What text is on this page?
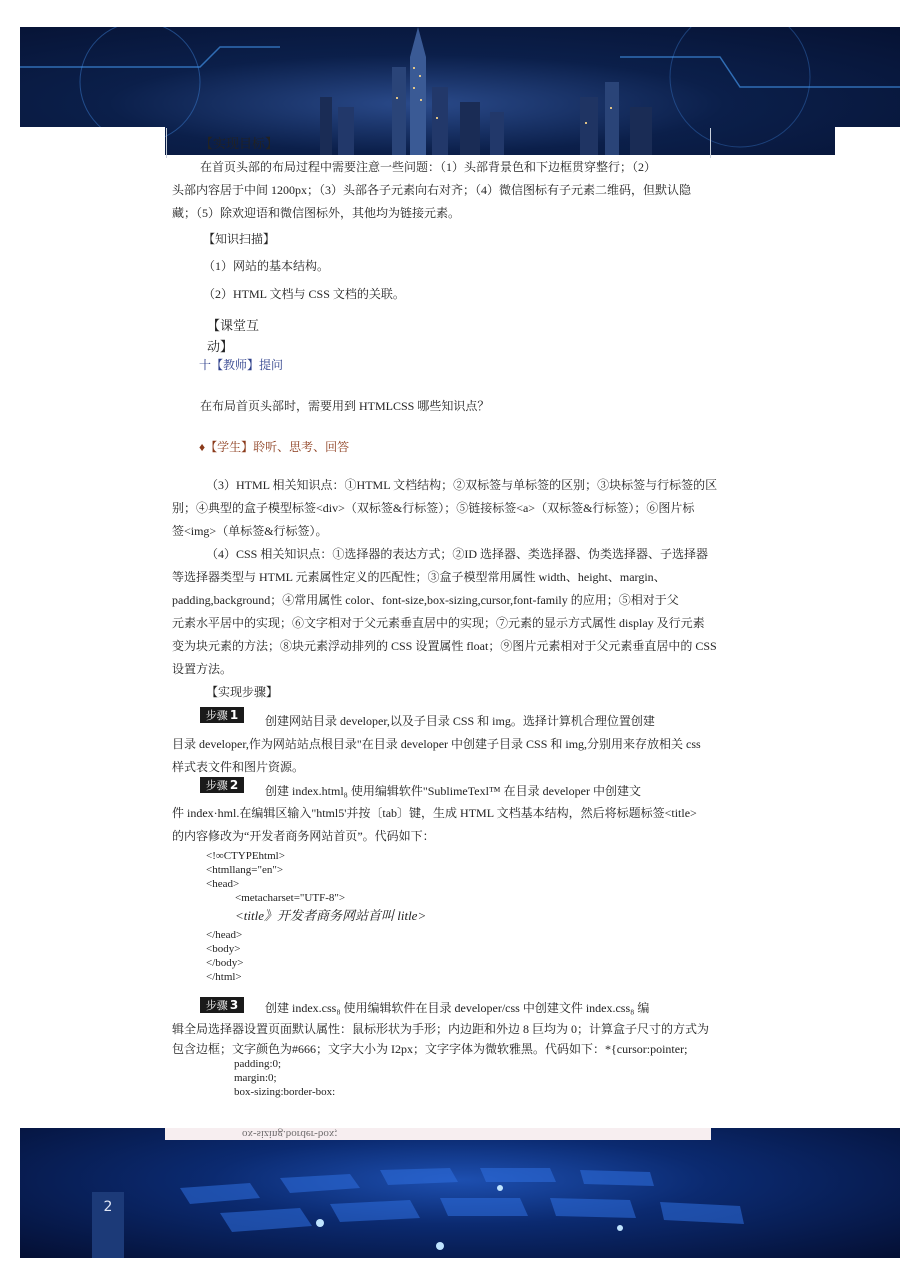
【实现目标】
在首页头部的布局过程中需要注意一些问题：（1）头部背景色和下边框贯穿整行；（2）
头部内容居于中间 1200px；（3）头部各子元素向右对齐；（4）微信图标有子元素二维码，但默认隐
藏；（5）除欢迎语和微信图标外，其他均为链接元素。
【知识扫描】
（1）网站的基本结构。
（2）HTML 文档与 CSS 文档的关联。
【课堂互
动】
十【教师】提问
在布局首页头部时，需要用到 HTMLCSS 哪些知识点？
♦【学生】聆听、思考、回答
（3）HTML 相关知识点：①HTML 文档结构；②双标签与单标签的区别；③块标签与行标签的区
别；④典型的盒子模型标签<div>（双标签&行标签）；⑤链接标签<a>（双标签&行标签）；⑥图片标
签<img>（单标签&行标签）。
（4）CSS 相关知识点：①选择器的表达方式；②ID 选择器、类选择器、伪类选择器、子选择器
等选择器类型与 HTML 元素属性定义的匹配性；③盒子模型常用属性 width、height、margin、
padding,background；④常用属性 color、font-size,box-sizing,cursor,font-family 的应用；⑤相对于父
元素水平居中的实现；⑥文字相对于父元素垂直居中的实现；⑦元素的显示方式属性 display 及行元素
变为块元素的方法；⑧块元素浮动排列的 CSS 设置属性 float；⑨图片元素相对于父元素垂直居中的 CSS
设置方法。
【实现步骤】
步骤 1	创建网站目录 developer,以及子目录 CSS 和 img。选择计算机合理位置创建
目录 developer,作为网站站点根目录"在目录 developer 中创建子目录 CSS 和 img,分别用来存放相关 css
样式表文件和图片资源。
步骤 2	创建 index.html₈ 使用编辑软件"SublimeTexl™ 在目录 developer 中创建文
件 index·hml.在编辑区输入"html5'并按〔tab〕键，生成 HTML 文档基本结构，然后将标题标签<title>
的内容修改为“开发者商务网站首页”。代码如下：
<!∞CTYPEhtml>
<htmllang="en">
<head>
<metacharset="UTF-8">
<title》开发者商务网站首叫 litle>
</head>
<body>
</body>
</html>
步骤 3	创建 index.css₈ 使用编辑软件在目录 developer/css 中创建文件 index.css₈ 编
辑全局选择器设置页面默认属性：鼠标形状为手形；内边距和外边 8 巨均为 0；计算盒子尺寸的方式为
包含边框；文字颜色为#666；文字大小为 I2px；文字字体为微软雅黑。代码如下：*{cursor:pointer;
padding:0;
margin:0;
box-sizing:border-box:
ox-sizing.border-box;
2
